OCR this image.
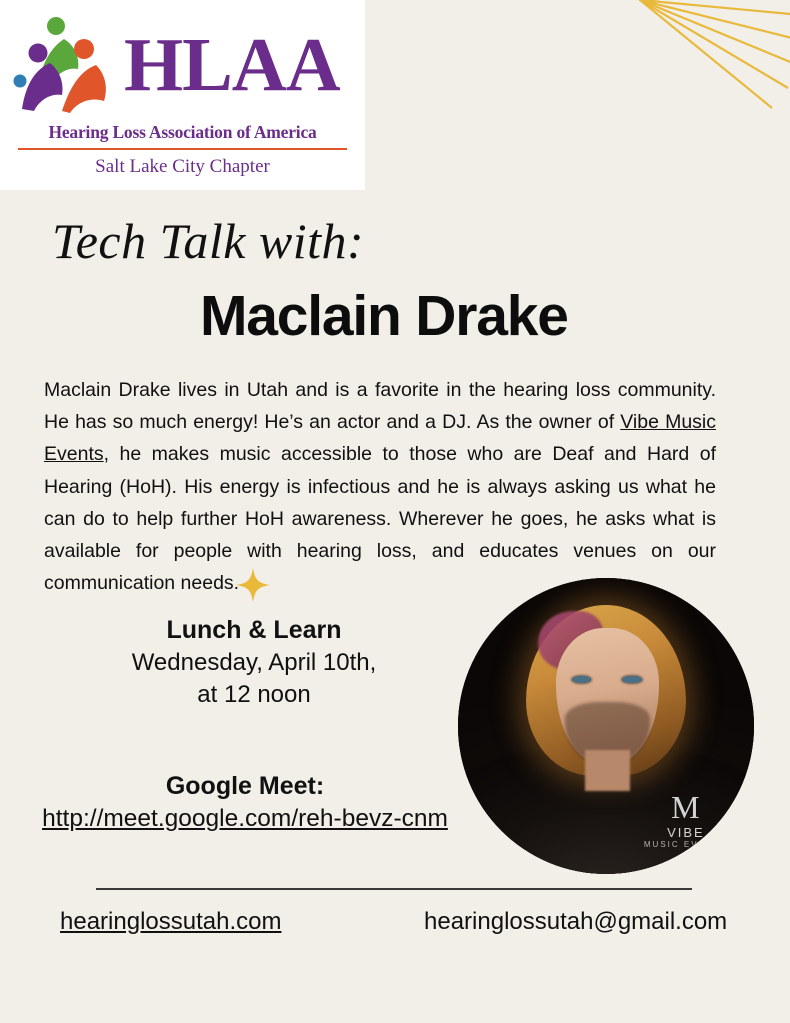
HLAA
Hearing Loss Association of America
Salt Lake City Chapter
Tech Talk with:
Maclain Drake
Maclain Drake lives in Utah and is a favorite in the hearing loss community. He has so much energy! He’s an actor and a DJ. As the owner of Vibe Music Events, he makes music accessible to those who are Deaf and Hard of Hearing (HoH). His energy is infectious and he is always asking us what he can do to help further HoH awareness. Wherever he goes, he asks what is available for people with hearing loss, and educates venues on our communication needs.
Lunch & Learn
Wednesday, April 10th,
at 12 noon
Google Meet:
http://meet.google.com/reh-bevz-cnm	M
VIBE
MUSIC EVENTS
hearinglossutah.com	hearinglossutah@gmail.com
